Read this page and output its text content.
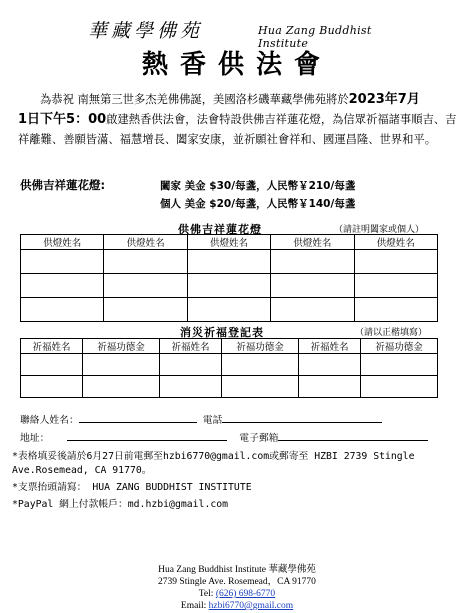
華藏學佛苑	Hua Zang Buddhist Institute
熱香供法會
為恭祝 南無第三世多杰羌佛佛誕，美國洛杉磯華藏學佛苑將於2023年7月
1日下午5：00啟建熱香供法會，法會特設供佛吉祥蓮花燈，為信眾祈福諸事順吉、吉祥離難、善願皆滿、福慧增長、闔家安康，並祈願社會祥和、國運昌隆、世界和平。
供佛吉祥蓮花燈:	闔家 美金 $30/每盞，人民幣￥210/每盞
個人 美金 $20/每盞，人民幣￥140/每盞
供佛吉祥蓮花燈	（請註明闔家或個人）
供燈姓名	供燈姓名	供燈姓名	供燈姓名	供燈姓名

消災祈福登記表	（請以正楷填寫）
祈福姓名	祈福功德金	祈福姓名	祈福功德金	祈福姓名	祈福功德金

聯絡人姓名：	電話
地址：	電子郵箱
*表格填妥後請於6月27日前電郵至hzbi6770@gmail.com或郵寄至 HZBI 2739 Stingle
Ave.Rosemead, CA 91770。
*支票抬頭請寫： HUA ZANG BUDDHIST INSTITUTE
*PayPal 網上付款帳戶：md.hzbi@gmail.com
Hua Zang Buddhist Institute 華藏學佛苑
2739 Stingle Ave. Rosemead，CA 91770
Tel: (626) 698-6770
Email: hzbi6770@gmail.com
